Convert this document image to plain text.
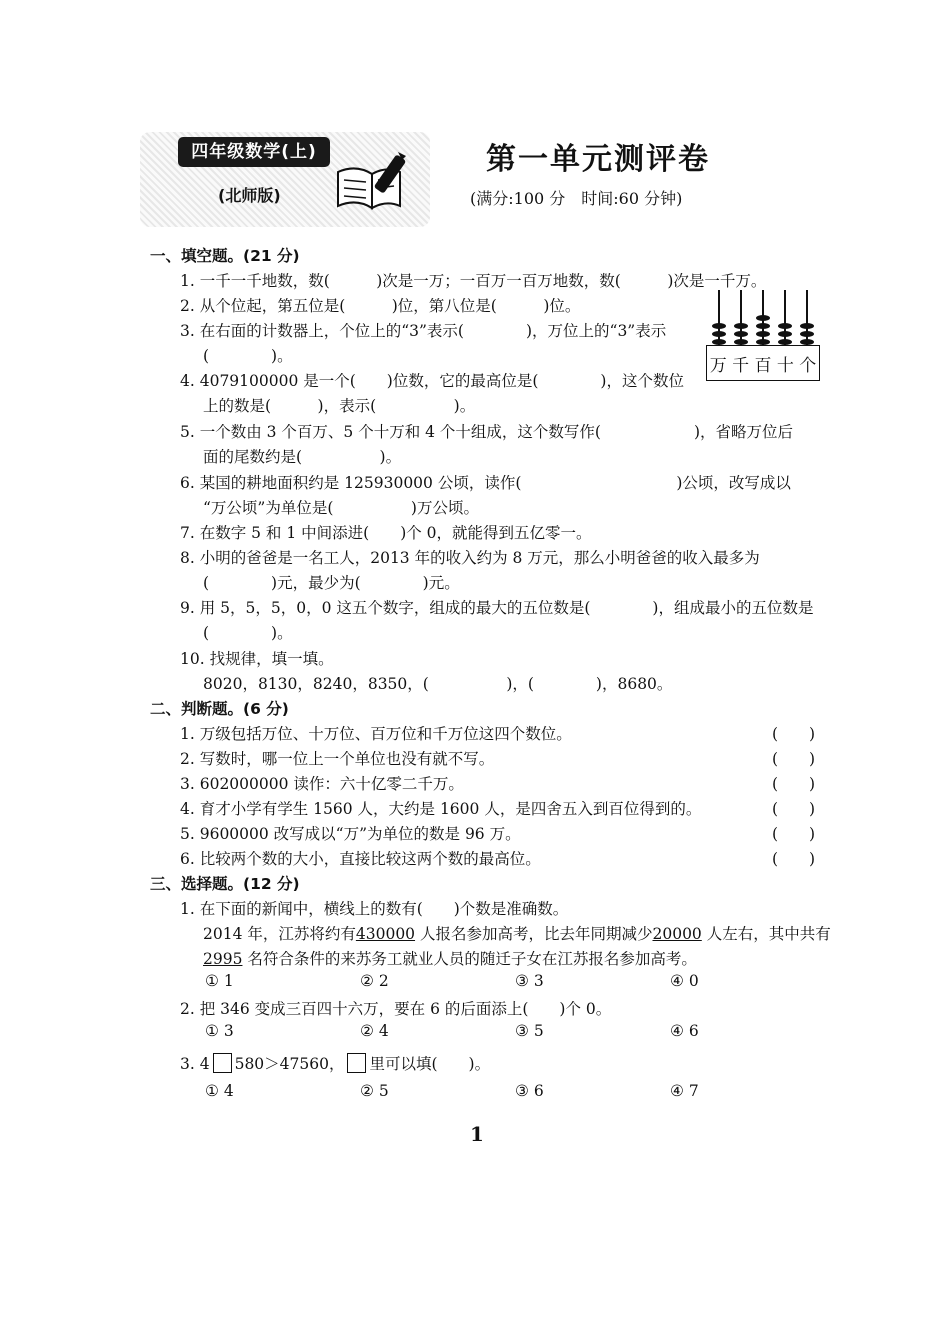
四年级数学(上)
(北师版)
第一单元测评卷
(满分:100 分　时间:60 分钟)
一、填空题。(21 分)
1. 一千一千地数，数(　　　)次是一万；一百万一百万地数，数(　　　)次是一千万。
2. 从个位起，第五位是(　　　)位，第八位是(　　　)位。
3. 在右面的计数器上，个位上的“3”表示(　　　　)，万位上的“3”表示
(　　　　)。
4. 4079100000 是一个(　　)位数，它的最高位是(　　　　)，这个数位
上的数是(　　　)，表示(　　　　　)。
5. 一个数由 3 个百万、5 个十万和 4 个十组成，这个数写作(　　　　　　)，省略万位后
面的尾数约是(　　　　　)。
6. 某国的耕地面积约是 125930000 公顷，读作(　　　　　　　　　　)公顷，改写成以
“万公顷”为单位是(　　　　　)万公顷。
7. 在数字 5 和 1 中间添进(　　)个 0，就能得到五亿零一。
8. 小明的爸爸是一名工人，2013 年的收入约为 8 万元，那么小明爸爸的收入最多为
(　　　　)元，最少为(　　　　)元。
9. 用 5，5，5，0，0 这五个数字，组成的最大的五位数是(　　　　)，组成最小的五位数是
(　　　　)。
10. 找规律，填一填。
8020，8130，8240，8350，(　　　　　)，(　　　　)，8680。
万 千 百 十 个
二、判断题。(6 分)
1. 万级包括万位、十万位、百万位和千万位这四个数位。	(　　)
2. 写数时，哪一位上一个单位也没有就不写。	(　　)
3. 602000000 读作：六十亿零二千万。	(　　)
4. 育才小学有学生 1560 人，大约是 1600 人，是四舍五入到百位得到的。	(　　)
5. 9600000 改写成以“万”为单位的数是 96 万。	(　　)
6. 比较两个数的大小，直接比较这两个数的最高位。	(　　)
三、选择题。(12 分)
1. 在下面的新闻中，横线上的数有(　　)个数是准确数。
2014 年，江苏将约有430000 人报名参加高考，比去年同期减少20000 人左右，其中共有
2995 名符合条件的来苏务工就业人员的随迁子女在江苏报名参加高考。
① 1	② 2	③ 3	④ 0
2. 把 346 变成三百四十六万，要在 6 的后面添上(　　)个 0。
① 3	② 4	③ 5	④ 6
3. 4 580＞47560， 里可以填(　　)。
① 4	② 5	③ 6	④ 7
1
